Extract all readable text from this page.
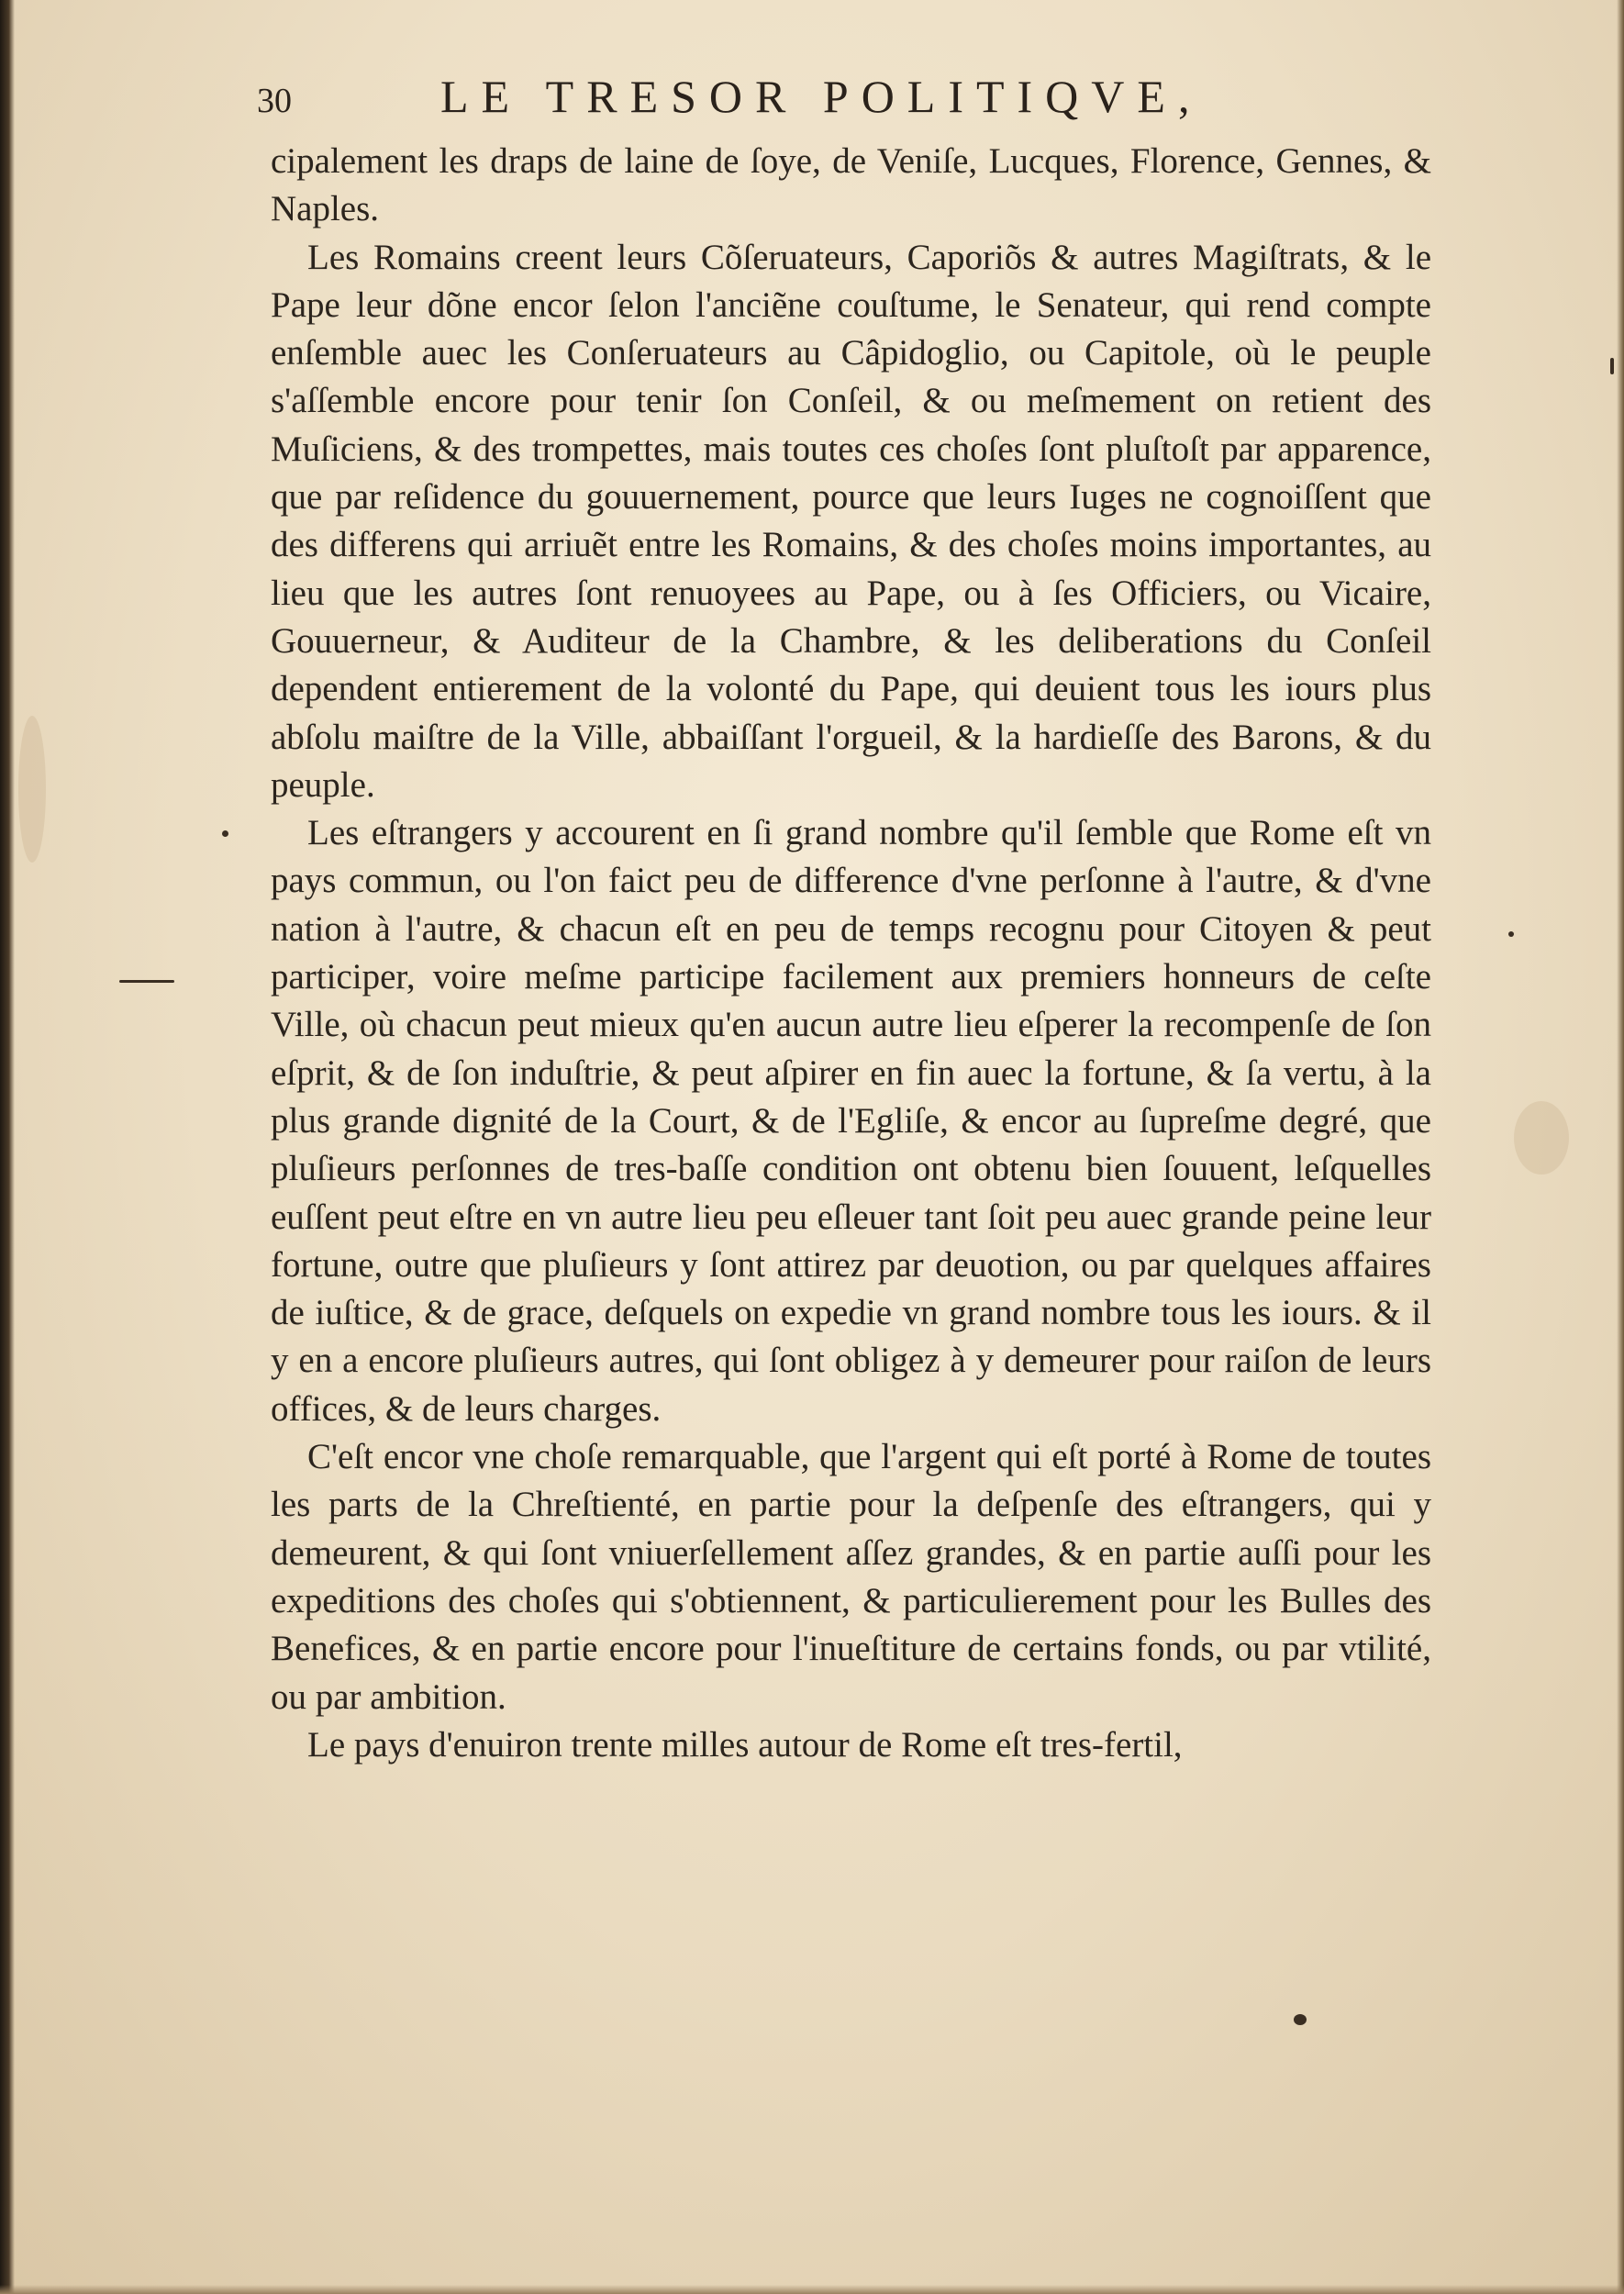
30	LE TRESOR POLITIQVE,

cipalement les draps de laine de ſoye, de Veniſe, Lucques, Florence, Gennes, & Naples.

Les Romains creent leurs Cõſeruateurs, Caporiõs & autres Magiſtrats, & le Pape leur dõne encor ſelon l'anciẽne couſtume, le Senateur, qui rend compte enſemble auec les Conſeruateurs au Câpidoglio, ou Capitole, où le peuple s'aſſemble encore pour tenir ſon Conſeil, & ou meſmement on retient des Muſiciens, & des trompettes, mais toutes ces choſes ſont pluſtoſt par apparence, que par reſidence du gouuernement, pource que leurs Iuges ne cognoiſſent que des differens qui arriuẽt entre les Romains, & des choſes moins importantes, au lieu que les autres ſont renuoyees au Pape, ou à ſes Officiers, ou Vicaire, Gouuerneur, & Auditeur de la Chambre, & les deliberations du Conſeil dependent entierement de la volonté du Pape, qui deuient tous les iours plus abſolu maiſtre de la Ville, abbaiſſant l'orgueil, & la hardieſſe des Barons, & du peuple.

Les eſtrangers y accourent en ſi grand nombre qu'il ſemble que Rome eſt vn pays commun, ou l'on faict peu de difference d'vne perſonne à l'autre, & d'vne nation à l'autre, & chacun eſt en peu de temps recognu pour Citoyen & peut participer, voire meſme participe facilement aux premiers honneurs de ceſte Ville, où chacun peut mieux qu'en aucun autre lieu eſperer la recompenſe de ſon eſprit, & de ſon induſtrie, & peut aſpirer en fin auec la fortune, & ſa vertu, à la plus grande dignité de la Court, & de l'Egliſe, & encor au ſupreſme degré, que pluſieurs perſonnes de tres-baſſe condition ont obtenu bien ſouuent, leſquelles euſſent peut eſtre en vn autre lieu peu eſleuer tant ſoit peu auec grande peine leur fortune, outre que pluſieurs y ſont attirez par deuotion, ou par quelques affaires de iuſtice, & de grace, deſquels on expedie vn grand nombre tous les iours. & il y en a encore pluſieurs autres, qui ſont obligez à y demeurer pour raiſon de leurs offices, & de leurs charges.

C'eſt encor vne choſe remarquable, que l'argent qui eſt porté à Rome de toutes les parts de la Chreſtienté, en partie pour la deſpenſe des eſtrangers, qui y demeurent, & qui ſont vniuerſellement aſſez grandes, & en partie auſſi pour les expeditions des choſes qui s'obtiennent, & particulierement pour les Bulles des Benefices, & en partie encore pour l'inueſtiture de certains fonds, ou par vtilité, ou par ambition.

Le pays d'enuiron trente milles autour de Rome eſt tres-fertil,
